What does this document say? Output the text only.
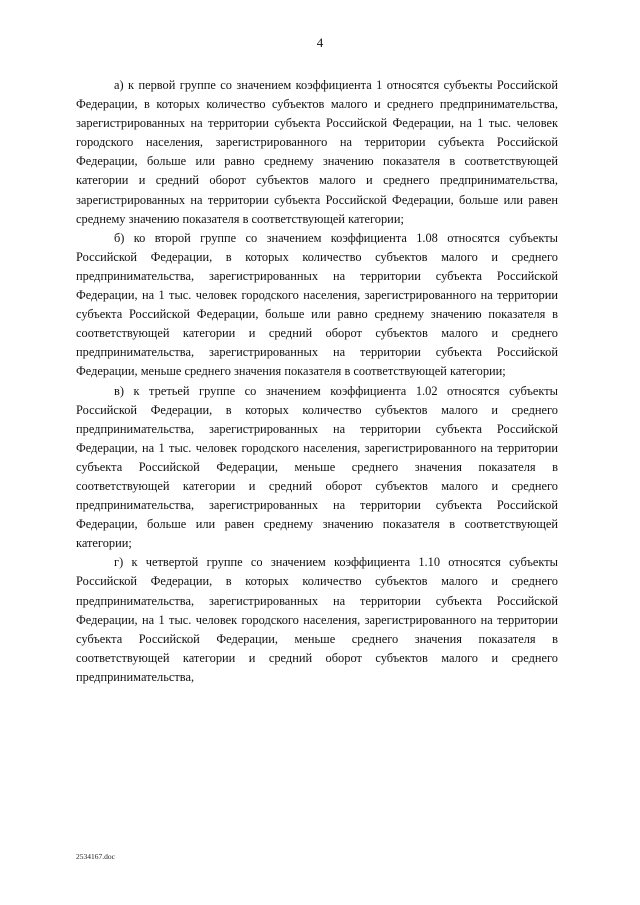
4

а) к первой группе со значением коэффициента 1 относятся субъекты Российской Федерации, в которых количество субъектов малого и среднего предпринимательства, зарегистрированных на территории субъекта Российской Федерации, на 1 тыс. человек городского населения, зарегистрированного на территории субъекта Российской Федерации, больше или равно среднему значению показателя в соответствующей категории и средний оборот субъектов малого и среднего предпринимательства, зарегистрированных на территории субъекта Российской Федерации, больше или равен среднему значению показателя в соответствующей категории;

б) ко второй группе со значением коэффициента 1.08 относятся субъекты Российской Федерации, в которых количество субъектов малого и среднего предпринимательства, зарегистрированных на территории субъекта Российской Федерации, на 1 тыс. человек городского населения, зарегистрированного на территории субъекта Российской Федерации, больше или равно среднему значению показателя в соответствующей категории и средний оборот субъектов малого и среднего предпринимательства, зарегистрированных на территории субъекта Российской Федерации, меньше среднего значения показателя в соответствующей категории;

в) к третьей группе со значением коэффициента 1.02 относятся субъекты Российской Федерации, в которых количество субъектов малого и среднего предпринимательства, зарегистрированных на территории субъекта Российской Федерации, на 1 тыс. человек городского населения, зарегистрированного на территории субъекта Российской Федерации, меньше среднего значения показателя в соответствующей категории и средний оборот субъектов малого и среднего предпринимательства, зарегистрированных на территории субъекта Российской Федерации, больше или равен среднему значению показателя в соответствующей категории;

г) к четвертой группе со значением коэффициента 1.10 относятся субъекты Российской Федерации, в которых количество субъектов малого и среднего предпринимательства, зарегистрированных на территории субъекта Российской Федерации, на 1 тыс. человек городского населения, зарегистрированного на территории субъекта Российской Федерации, меньше среднего значения показателя в соответствующей категории и средний оборот субъектов малого и среднего предпринимательства,

2534167.doc
